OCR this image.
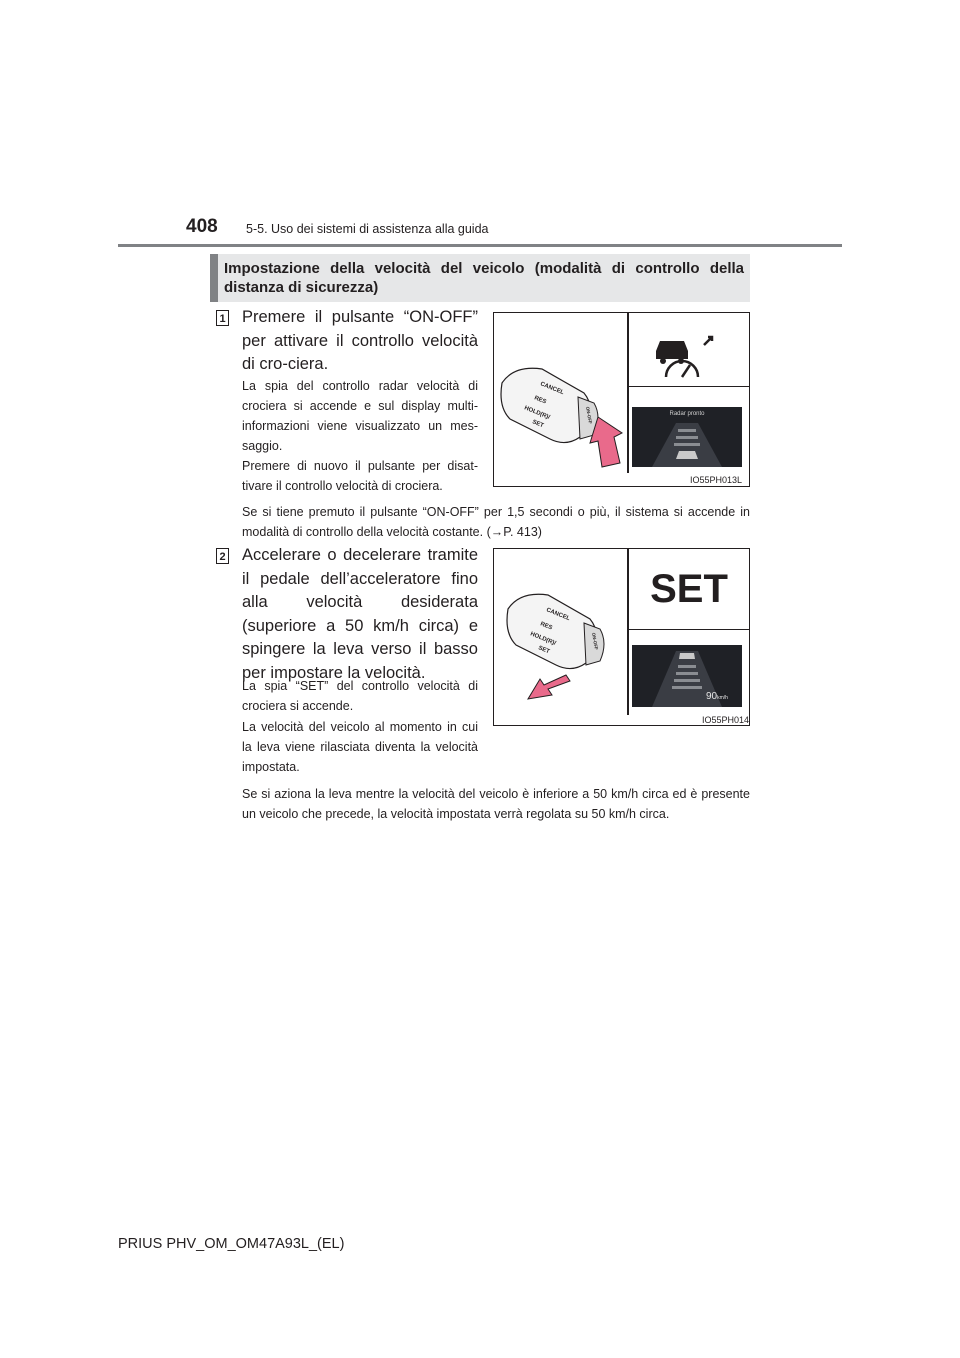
408 5-5. Uso dei sistemi di assistenza alla guida
Impostazione della velocità del veicolo (modalità di controllo della distanza di sicurezza)
1 Premere il pulsante “ON-OFF” per attivare il controllo velocità di cro-ciera.
La spia del controllo radar velocità di crociera si accende e sul display multi-informazioni viene visualizzato un mes-saggio.
Premere di nuovo il pulsante per disat-tivare il controllo velocità di crociera.
CANCEL
RES
HOLD(R)/
SET
ON-OFF	Radar pronto
IO55PH013L
Se si tiene premuto il pulsante “ON-OFF” per 1,5 secondi o più, il sistema si accende in modalità di controllo della velocità costante. (→P. 413)
2 Accelerare o decelerare tramite il pedale dell’acceleratore fino alla velocità desiderata (superiore a 50 km/h circa) e spingere la leva verso il basso per impostare la velocità.
La spia “SET” del controllo velocità di crociera si accende.
La velocità del veicolo al momento in cui la leva viene rilasciata diventa la velocità impostata.
CANCEL
RES
HOLD(R)/
SET
ON-OFF
SET
90km/h
IO55PH014
Se si aziona la leva mentre la velocità del veicolo è inferiore a 50 km/h circa ed è presente un veicolo che precede, la velocità impostata verrà regolata su 50 km/h circa.
PRIUS PHV_OM_OM47A93L_(EL)
